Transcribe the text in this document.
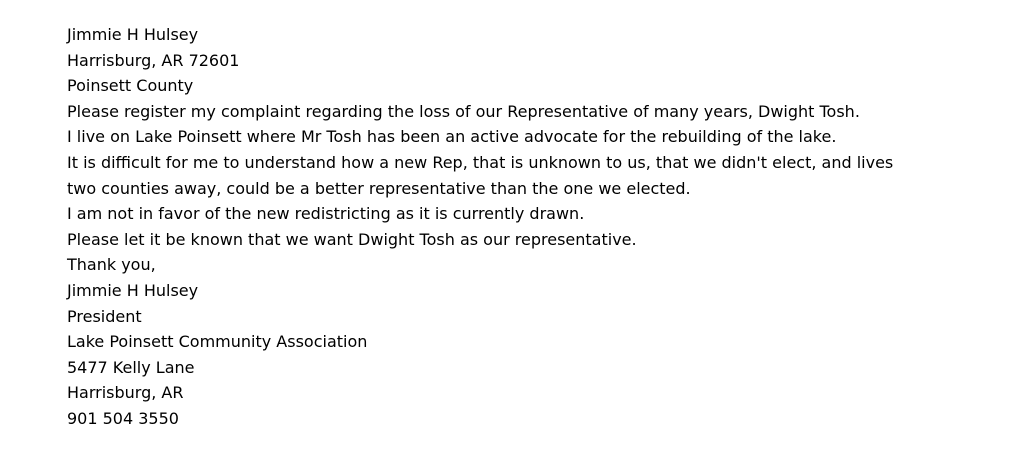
Jimmie H Hulsey
Harrisburg, AR 72601
Poinsett County
Please register my complaint regarding the loss of our Representative of many years, Dwight Tosh.
I live on Lake Poinsett where Mr Tosh has been an active advocate for the rebuilding of the lake.
It is difficult for me to understand how a new Rep, that is unknown to us, that we didn't elect, and lives
two counties away, could be a better representative than the one we elected.
I am not in favor of the new redistricting as it is currently drawn.
Please let it be known that we want Dwight Tosh as our representative.
Thank you,
Jimmie H Hulsey
President
Lake Poinsett Community Association
5477 Kelly Lane
Harrisburg, AR
901 504 3550
